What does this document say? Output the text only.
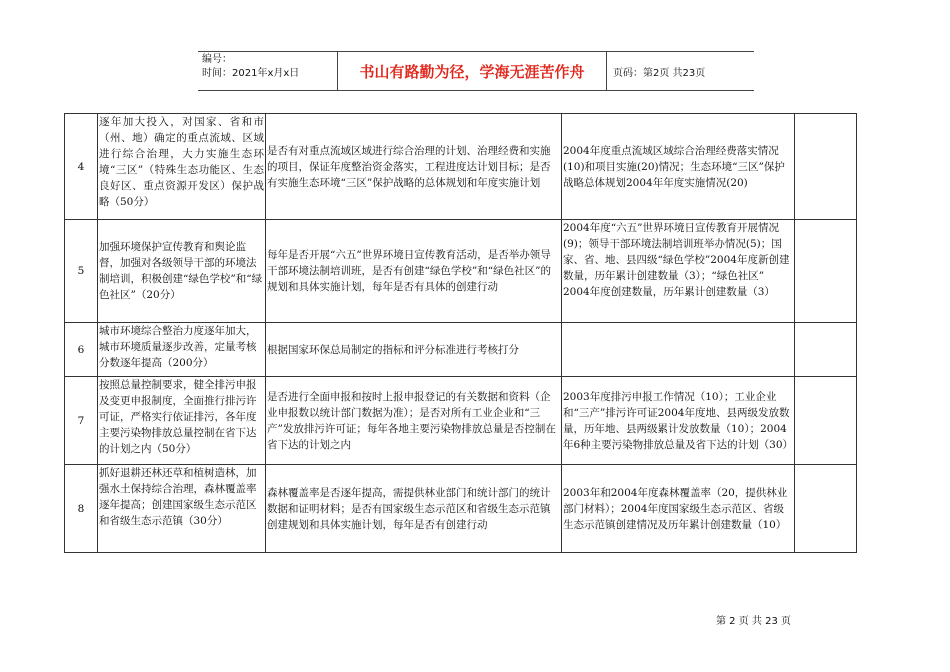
编号：
时间：2021年x月x日	书山有路勤为径，学海无涯苦作舟	页码：第2页 共23页
4	逐年加大投入，对国家、省和市（州、地）确定的重点流域、区域进行综合治理，大力实施生态环境“三区”（特殊生态功能区、生态良好区、重点资源开发区）保护战略（50分）	是否有对重点流域区域进行综合治理的计划、治理经费和实施的项目，保证年度整治资金落实，工程进度达计划目标；是否有实施生态环境“三区”保护战略的总体规划和年度实施计划	2004年度重点流域区域综合治理经费落实情况(10)和项目实施(20)情况；生态环境“三区”保护战略总体规划2004年年度实施情况(20)	
5	加强环境保护宣传教育和舆论监督，加强对各级领导干部的环境法制培训，积极创建“绿色学校”和“绿色社区”（20分）	每年是否开展“六五”世界环境日宣传教育活动，是否举办领导干部环境法制培训班，是否有创建“绿色学校”和“绿色社区”的规划和具体实施计划，每年是否有具体的创建行动	2004年度“六五”世界环境日宣传教育开展情况(9)；领导干部环境法制培训班举办情况(5)；国家、省、地、县四级“绿色学校”2004年度新创建数量，历年累计创建数量（3）；“绿色社区” 2004年度创建数量，历年累计创建数量（3）	
6	城市环境综合整治力度逐年加大，城市环境质量逐步改善，定量考核分数逐年提高（200分）	根据国家环保总局制定的指标和评分标准进行考核打分		
7	按照总量控制要求，健全排污申报及变更申报制度，全面推行排污许可证，严格实行依证排污，各年度主要污染物排放总量控制在省下达的计划之内（50分）	是否进行全面申报和按时上报申报登记的有关数据和资料（企业申报数以统计部门数据为准）；是否对所有工业企业和“三产”发放排污许可证；每年各地主要污染物排放总量是否控制在省下达的计划之内	2003年度排污申报工作情况（10）；工业企业和“三产”排污许可证2004年度地、县两级发放数量，历年地、县两级累计发放数量（10）；2004年6种主要污染物排放总量及省下达的计划（30）	
8	抓好退耕还林还草和植树造林，加强水土保持综合治理，森林覆盖率逐年提高；创建国家级生态示范区和省级生态示范镇（30分）	森林覆盖率是否逐年提高，需提供林业部门和统计部门的统计数据和证明材料；是否有国家级生态示范区和省级生态示范镇创建规划和具体实施计划，每年是否有创建行动	2003年和2004年度森林覆盖率（20，提供林业部门材料）；2004年度国家级生态示范区、省级生态示范镇创建情况及历年累计创建数量（10）	
第 2 页 共 23 页
